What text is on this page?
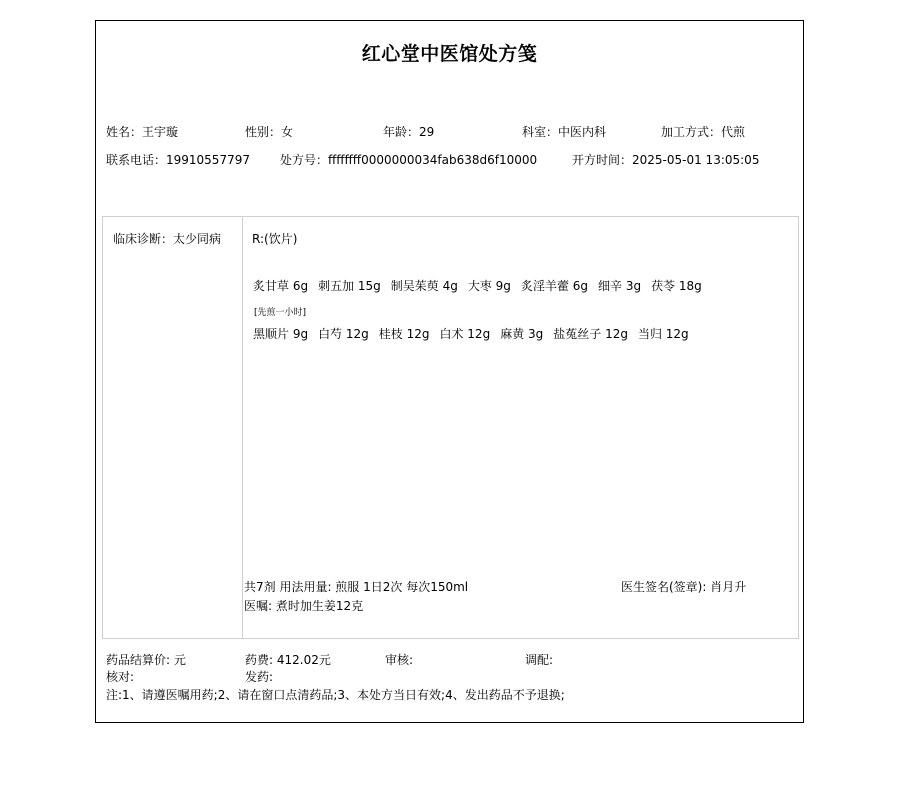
红心堂中医馆处方笺
姓名：王宇璇	性别：女	年龄：29	科室：中医内科	加工方式：代煎
联系电话：19910557797	处方号：ffffffff0000000034fab638d6f10000	开方时间：2025-05-01 13:05:05
临床诊断：太少同病	R:(饮片)
炙甘草 6g 刺五加 15g 制吴茱萸 4g 大枣 9g 炙淫羊藿 6g 细辛 3g 茯苓 18g
[先煎一小时]
黑顺片 9g 白芍 12g 桂枝 12g 白术 12g 麻黄 3g 盐菟丝子 12g 当归 12g
共7剂 用法用量: 煎服 1日2次 每次150ml	医生签名(签章): 肖月升
医嘱: 煮时加生姜12克
药品结算价: 元	药费: 412.02元	审核:	调配:
核对:	发药:
注:1、请遵医嘱用药;2、请在窗口点清药品;3、本处方当日有效;4、发出药品不予退换;
